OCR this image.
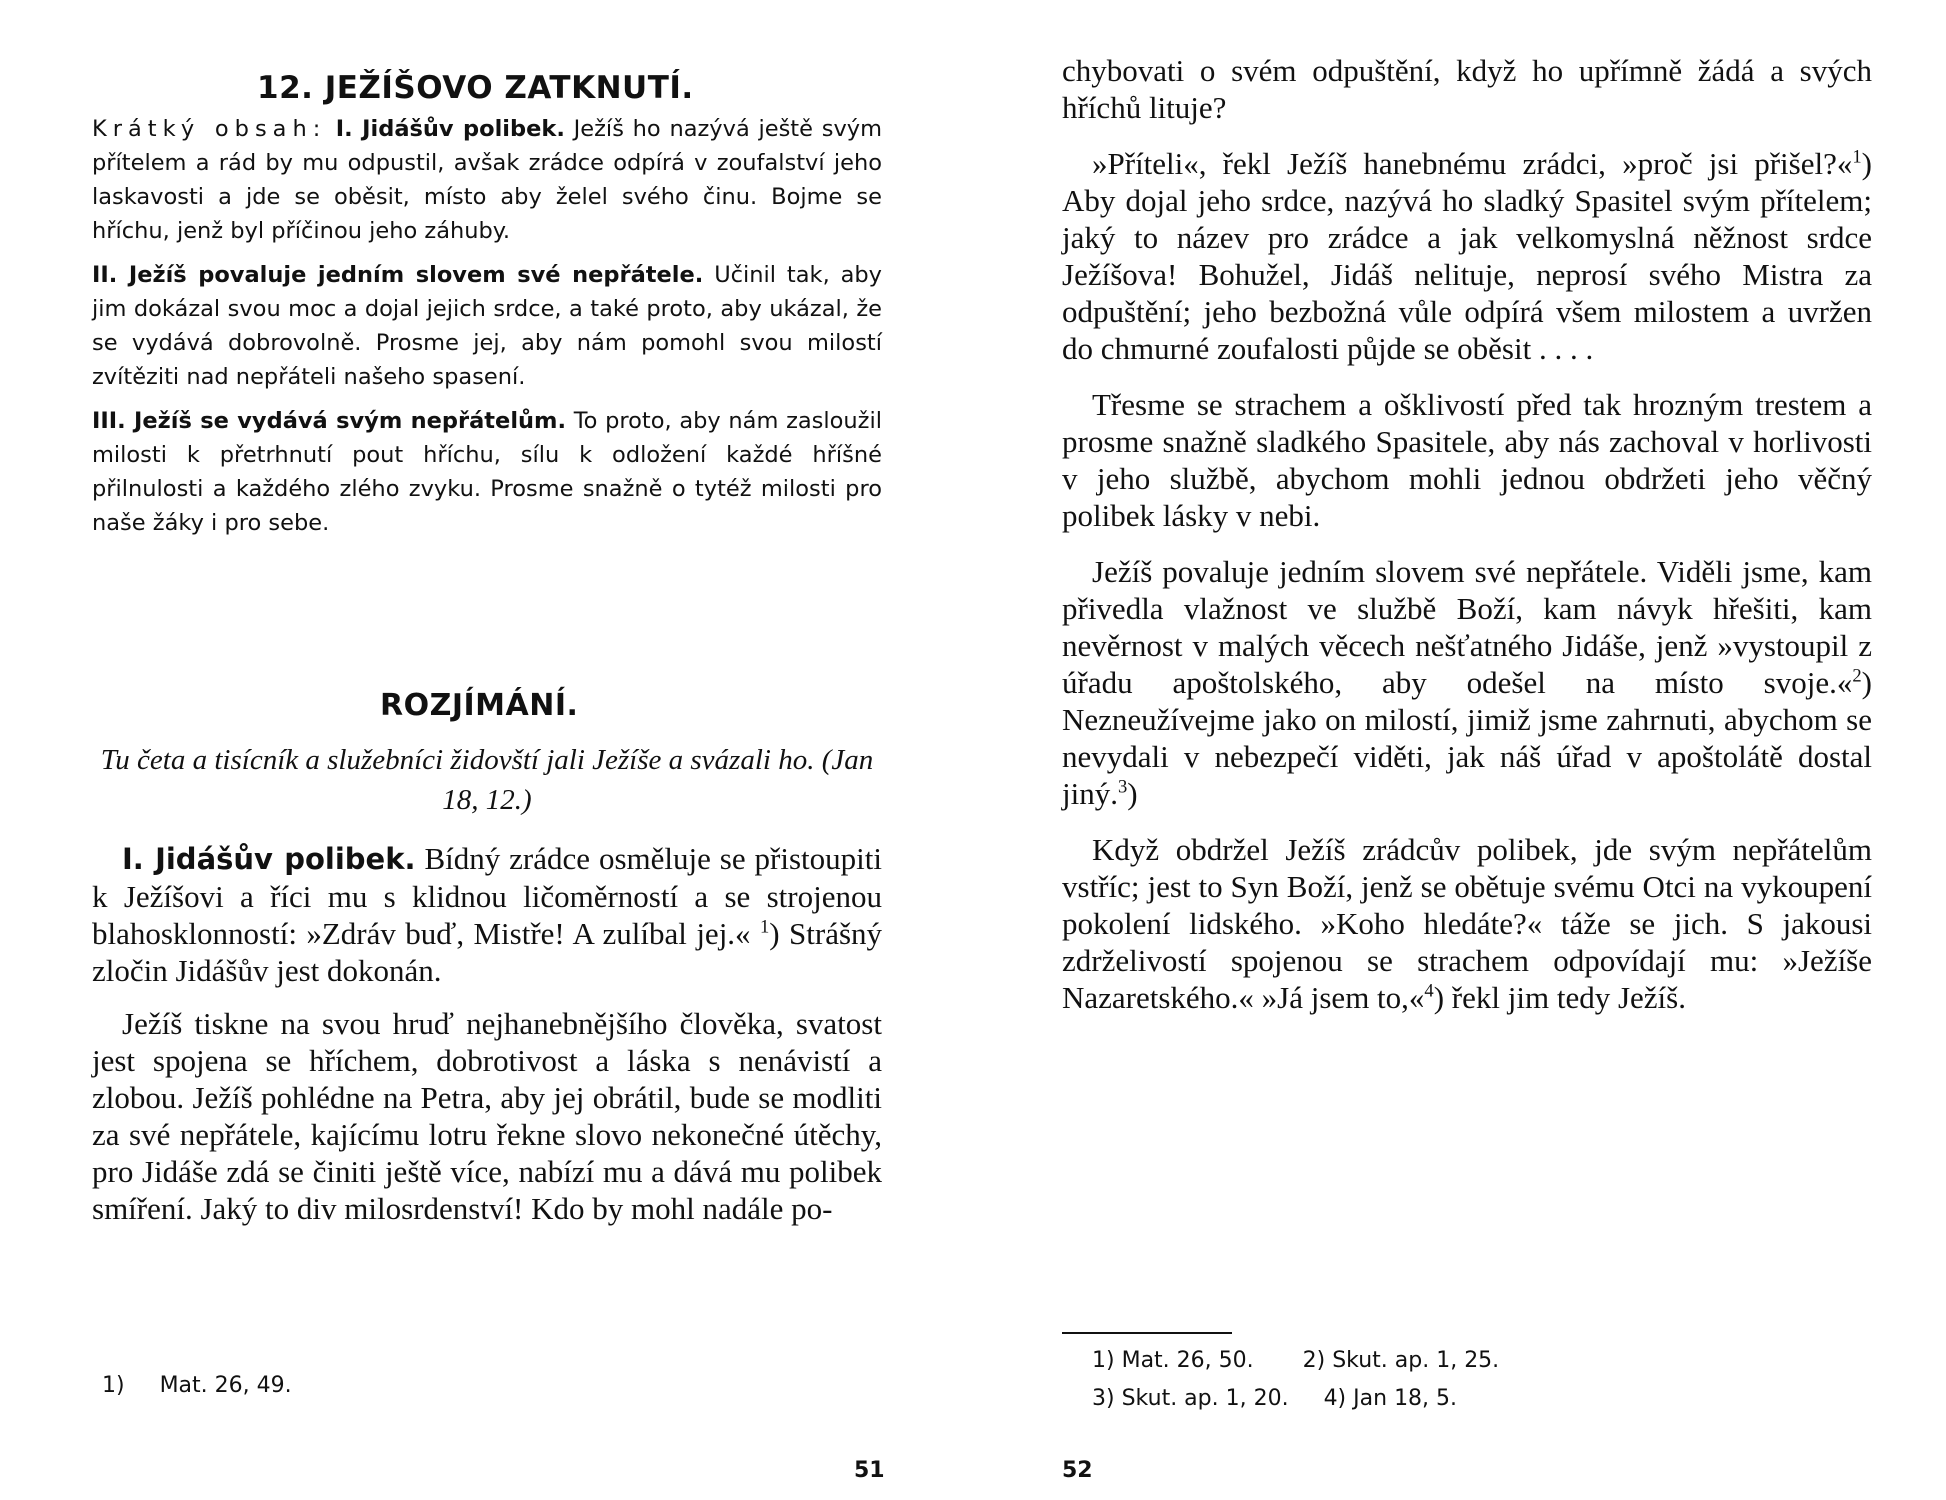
12. JEŽÍŠOVO ZATKNUTÍ.

Krátký obsah: I. Jidášův polibek. Ježíš ho nazývá ještě svým přítelem a rád by mu odpustil, avšak zrádce odpírá v zoufalství jeho laskavosti a jde se oběsit, místo aby želel svého činu. Bojme se hříchu, jenž byl příčinou jeho záhuby.

II. Ježíš povaluje jedním slovem své nepřátele. Učinil tak, aby jim dokázal svou moc a dojal jejich srdce, a také proto, aby ukázal, že se vydává dobrovolně. Prosme jej, aby nám pomohl svou milostí zvítěziti nad nepřáteli našeho spasení.

III. Ježíš se vydává svým nepřátelům. To proto, aby nám zasloužil milosti k přetrhnutí pout hříchu, sílu k odložení každé hříšné přilnulosti a každého zlého zvyku. Prosme snažně o tytéž milosti pro naše žáky i pro sebe.

ROZJÍMÁNÍ.
Tu četa a tisícník a služebníci židovští jali Ježíše a svázali ho. (Jan 18, 12.)

I. Jidášův polibek. Bídný zrádce osměluje se přistoupiti k Ježíšovi a říci mu s klidnou ličoměrností a se strojenou blahosklonností: »Zdráv buď, Mistře! A zulíbal jej.« $^1$) Strášný zločin Jidášův jest dokonán.

Ježíš tiskne na svou hruď nejhanebnějšího člověka, svatost jest spojena se hříchem, dobrotivost a láska s nenávistí a zlobou. Ježíš pohlédne na Petra, aby jej obrátil, bude se modliti za své nepřátele, kajícímu lotru řekne slovo nekonečné útěchy, pro Jidáše zdá se činiti ještě více, nabízí mu a dává mu polibek smíření. Jaký to div milosrdenství! Kdo by mohl nadále po-

1) Mat. 26, 49.
51

chybovati o svém odpuštění, když ho upřímně žádá a svých hříchů lituje?

»Příteli«, řekl Ježíš hanebnému zrádci, »proč jsi přišel?«$^1$) Aby dojal jeho srdce, nazývá ho sladký Spasitel svým přítelem; jaký to název pro zrádce a jak velkomyslná něžnost srdce Ježíšova! Bohužel, Jidáš nelituje, neprosí svého Mistra za odpuštění; jeho bezbožná vůle odpírá všem milostem a uvržen do chmurné zoufalosti půjde se oběsit . . . .

Třesme se strachem a ošklivostí před tak hrozným trestem a prosme snažně sladkého Spasitele, aby nás zachoval v horlivosti v jeho službě, abychom mohli jednou obdržeti jeho věčný polibek lásky v nebi.

Ježíš povaluje jedním slovem své nepřátele. Viděli jsme, kam přivedla vlažnost ve službě Boží, kam návyk hřešiti, kam nevěrnost v malých věcech nešťatného Jidáše, jenž »vystoupil z úřadu apoštolského, aby odešel na místo svoje.«$^2$) Nezneužívejme jako on milostí, jimiž jsme zahrnuti, abychom se nevydali v nebezpečí viděti, jak náš úřad v apoštolátě dostal jiný.$^3$)

Když obdržel Ježíš zrádcův polibek, jde svým nepřátelům vstříc; jest to Syn Boží, jenž se obětuje svému Otci na vykoupení pokolení lidského. »Koho hledáte?« táže se jich. S jakousi zdrželivostí spojenou se strachem odpovídají mu: »Ježíše Nazaretského.« »Já jsem to,«$^4$) řekl jim tedy Ježíš.

1) Mat. 26, 50. 2) Skut. ap. 1, 25.
3) Skut. ap. 1, 20. 4) Jan 18, 5.
52
